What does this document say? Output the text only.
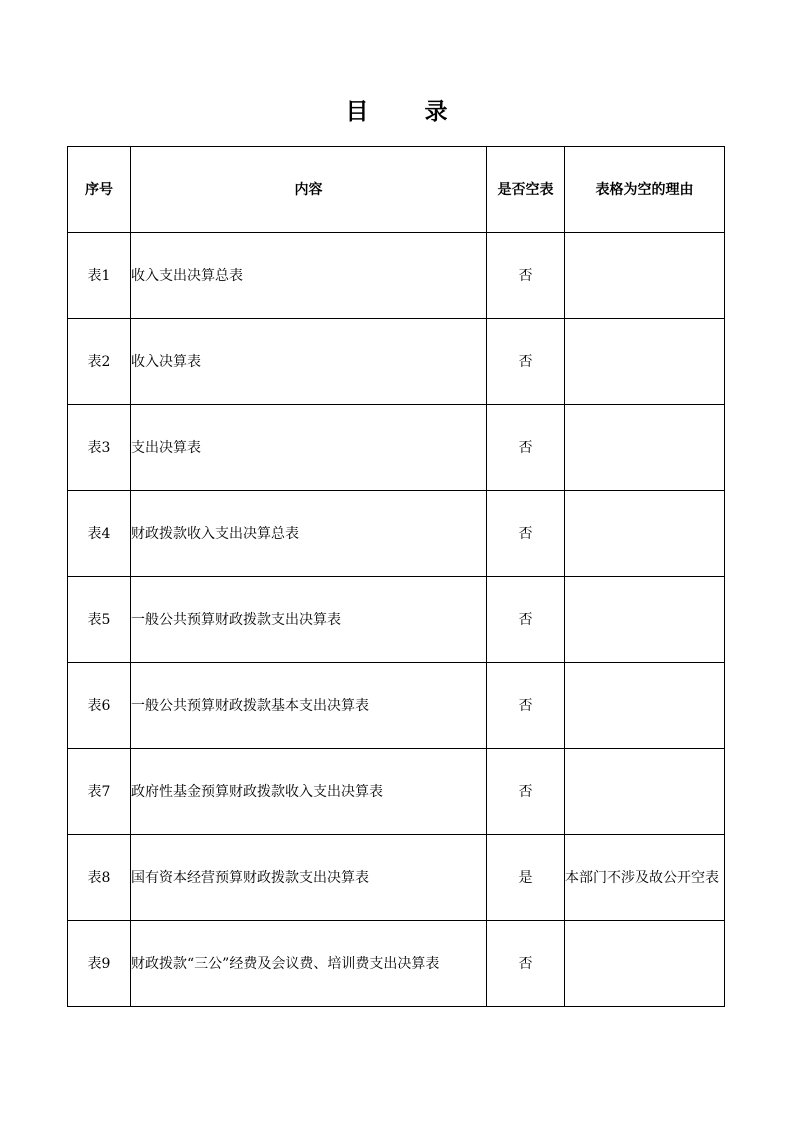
目 录
序号	内容	是否空表	表格为空的理由
表1	收入支出决算总表	否	
表2	收入决算表	否	
表3	支出决算表	否	
表4	财政拨款收入支出决算总表	否	
表5	一般公共预算财政拨款支出决算表	否	
表6	一般公共预算财政拨款基本支出决算表	否	
表7	政府性基金预算财政拨款收入支出决算表	否	
表8	国有资本经营预算财政拨款支出决算表	是	本部门不涉及故公开空表
表9	财政拨款“三公”经费及会议费、培训费支出决算表	否	
